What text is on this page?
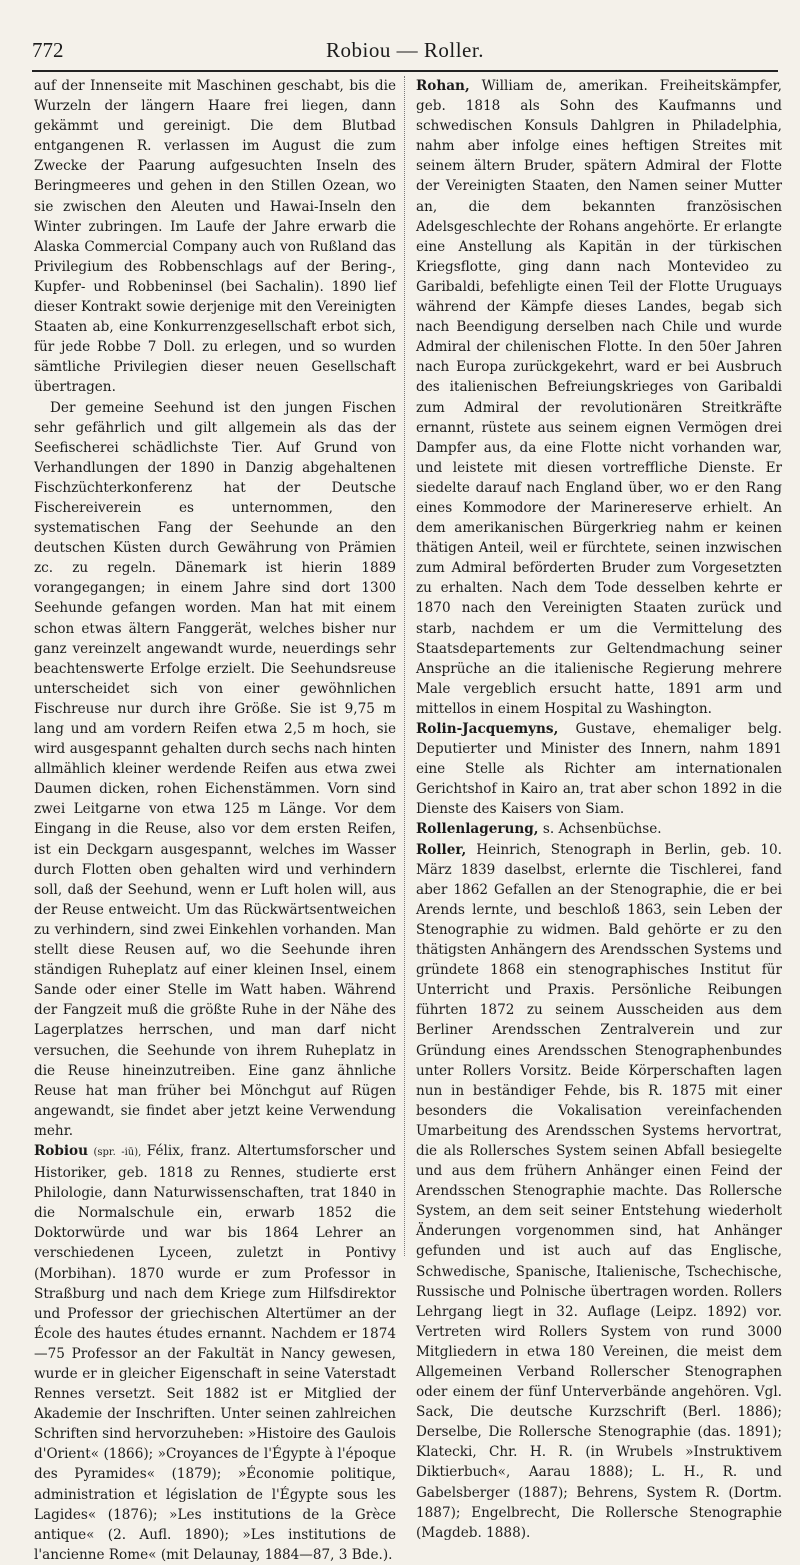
772	Robiou — Roller.

auf der Innenseite mit Maschinen geschabt, bis die Wurzeln der längern Haare frei liegen, dann gekämmt und gereinigt. Die dem Blutbad entgangenen R. verlassen im August die zum Zwecke der Paarung aufgesuchten Inseln des Beringmeeres und gehen in den Stillen Ozean, wo sie zwischen den Aleuten und Hawai-Inseln den Winter zubringen. Im Laufe der Jahre erwarb die Alaska Commercial Company auch von Rußland das Privilegium des Robbenschlags auf der Bering-, Kupfer- und Robbeninsel (bei Sachalin). 1890 lief dieser Kontrakt sowie derjenige mit den Vereinigten Staaten ab, eine Konkurrenzgesellschaft erbot sich, für jede Robbe 7 Doll. zu erlegen, und so wurden sämtliche Privilegien dieser neuen Gesellschaft übertragen.

Der gemeine Seehund ist den jungen Fischen sehr gefährlich und gilt allgemein als das der Seefischerei schädlichste Tier. Auf Grund von Verhandlungen der 1890 in Danzig abgehaltenen Fischzüchterkonferenz hat der Deutsche Fischereiverein es unternommen, den systematischen Fang der Seehunde an den deutschen Küsten durch Gewährung von Prämien zc. zu regeln. Dänemark ist hierin 1889 vorangegangen; in einem Jahre sind dort 1300 Seehunde gefangen worden. Man hat mit einem schon etwas ältern Fanggerät, welches bisher nur ganz vereinzelt angewandt wurde, neuerdings sehr beachtenswerte Erfolge erzielt. Die Seehundsreuse unterscheidet sich von einer gewöhnlichen Fischreuse nur durch ihre Größe. Sie ist 9,75 m lang und am vordern Reifen etwa 2,5 m hoch, sie wird ausgespannt gehalten durch sechs nach hinten allmählich kleiner werdende Reifen aus etwa zwei Daumen dicken, rohen Eichenstämmen. Vorn sind zwei Leitgarne von etwa 125 m Länge. Vor dem Eingang in die Reuse, also vor dem ersten Reifen, ist ein Deckgarn ausgespannt, welches im Wasser durch Flotten oben gehalten wird und verhindern soll, daß der Seehund, wenn er Luft holen will, aus der Reuse entweicht. Um das Rückwärtsentweichen zu verhindern, sind zwei Einkehlen vorhanden. Man stellt diese Reusen auf, wo die Seehunde ihren ständigen Ruheplatz auf einer kleinen Insel, einem Sande oder einer Stelle im Watt haben. Während der Fangzeit muß die größte Ruhe in der Nähe des Lagerplatzes herrschen, und man darf nicht versuchen, die Seehunde von ihrem Ruheplatz in die Reuse hineinzutreiben. Eine ganz ähnliche Reuse hat man früher bei Mönchgut auf Rügen angewandt, sie findet aber jetzt keine Verwendung mehr.

Robiou (spr. -iū), Félix, franz. Altertumsforscher und Historiker, geb. 1818 zu Rennes, studierte erst Philologie, dann Naturwissenschaften, trat 1840 in die Normalschule ein, erwarb 1852 die Doktorwürde und war bis 1864 Lehrer an verschiedenen Lyceen, zuletzt in Pontivy (Morbihan). 1870 wurde er zum Professor in Straßburg und nach dem Kriege zum Hilfsdirektor und Professor der griechischen Altertümer an der École des hautes études ernannt. Nachdem er 1874—75 Professor an der Fakultät in Nancy gewesen, wurde er in gleicher Eigenschaft in seine Vaterstadt Rennes versetzt. Seit 1882 ist er Mitglied der Akademie der Inschriften. Unter seinen zahlreichen Schriften sind hervorzuheben: »Histoire des Gaulois d'Orient« (1866); »Croyances de l'Égypte à l'époque des Pyramides« (1879); »Économie politique, administration et législation de l'Égypte sous les Lagides« (1876); »Les institutions de la Grèce antique« (2. Aufl. 1890); »Les institutions de l'ancienne Rome« (mit Delaunay, 1884—87, 3 Bde.).

Rohan, William de, amerikan. Freiheitskämpfer, geb. 1818 als Sohn des Kaufmanns und schwedischen Konsuls Dahlgren in Philadelphia, nahm aber infolge eines heftigen Streites mit seinem ältern Bruder, spätern Admiral der Flotte der Vereinigten Staaten, den Namen seiner Mutter an, die dem bekannten französischen Adelsgeschlechte der Rohans angehörte. Er erlangte eine Anstellung als Kapitän in der türkischen Kriegsflotte, ging dann nach Montevideo zu Garibaldi, befehligte einen Teil der Flotte Uruguays während der Kämpfe dieses Landes, begab sich nach Beendigung derselben nach Chile und wurde Admiral der chilenischen Flotte. In den 50er Jahren nach Europa zurückgekehrt, ward er bei Ausbruch des italienischen Befreiungskrieges von Garibaldi zum Admiral der revolutionären Streitkräfte ernannt, rüstete aus seinem eignen Vermögen drei Dampfer aus, da eine Flotte nicht vorhanden war, und leistete mit diesen vortreffliche Dienste. Er siedelte darauf nach England über, wo er den Rang eines Kommodore der Marinereserve erhielt. An dem amerikanischen Bürgerkrieg nahm er keinen thätigen Anteil, weil er fürchtete, seinen inzwischen zum Admiral beförderten Bruder zum Vorgesetzten zu erhalten. Nach dem Tode desselben kehrte er 1870 nach den Vereinigten Staaten zurück und starb, nachdem er um die Vermittelung des Staatsdepartements zur Geltendmachung seiner Ansprüche an die italienische Regierung mehrere Male vergeblich ersucht hatte, 1891 arm und mittellos in einem Hospital zu Washington.

Rolin-Jacquemyns, Gustave, ehemaliger belg. Deputierter und Minister des Innern, nahm 1891 eine Stelle als Richter am internationalen Gerichtshof in Kairo an, trat aber schon 1892 in die Dienste des Kaisers von Siam.

Rollenlagerung, s. Achsenbüchse.

Roller, Heinrich, Stenograph in Berlin, geb. 10. März 1839 daselbst, erlernte die Tischlerei, fand aber 1862 Gefallen an der Stenographie, die er bei Arends lernte, und beschloß 1863, sein Leben der Stenographie zu widmen. Bald gehörte er zu den thätigsten Anhängern des Arendsschen Systems und gründete 1868 ein stenographisches Institut für Unterricht und Praxis. Persönliche Reibungen führten 1872 zu seinem Ausscheiden aus dem Berliner Arendsschen Zentralverein und zur Gründung eines Arendsschen Stenographenbundes unter Rollers Vorsitz. Beide Körperschaften lagen nun in beständiger Fehde, bis R. 1875 mit einer besonders die Vokalisation vereinfachenden Umarbeitung des Arendsschen Systems hervortrat, die als Rollersches System seinen Abfall besiegelte und aus dem frühern Anhänger einen Feind der Arendsschen Stenographie machte. Das Rollersche System, an dem seit seiner Entstehung wiederholt Änderungen vorgenommen sind, hat Anhänger gefunden und ist auch auf das Englische, Schwedische, Spanische, Italienische, Tschechische, Russische und Polnische übertragen worden. Rollers Lehrgang liegt in 32. Auflage (Leipz. 1892) vor. Vertreten wird Rollers System von rund 3000 Mitgliedern in etwa 180 Vereinen, die meist dem Allgemeinen Verband Rollerscher Stenographen oder einem der fünf Unterverbände angehören. Vgl. Sack, Die deutsche Kurzschrift (Berl. 1886); Derselbe, Die Rollersche Stenographie (das. 1891); Klatecki, Chr. H. R. (in Wrubels »Instruktivem Diktierbuch«, Aarau 1888); L. H., R. und Gabelsberger (1887); Behrens, System R. (Dortm. 1887); Engelbrecht, Die Rollersche Stenographie (Magdeb. 1888).
